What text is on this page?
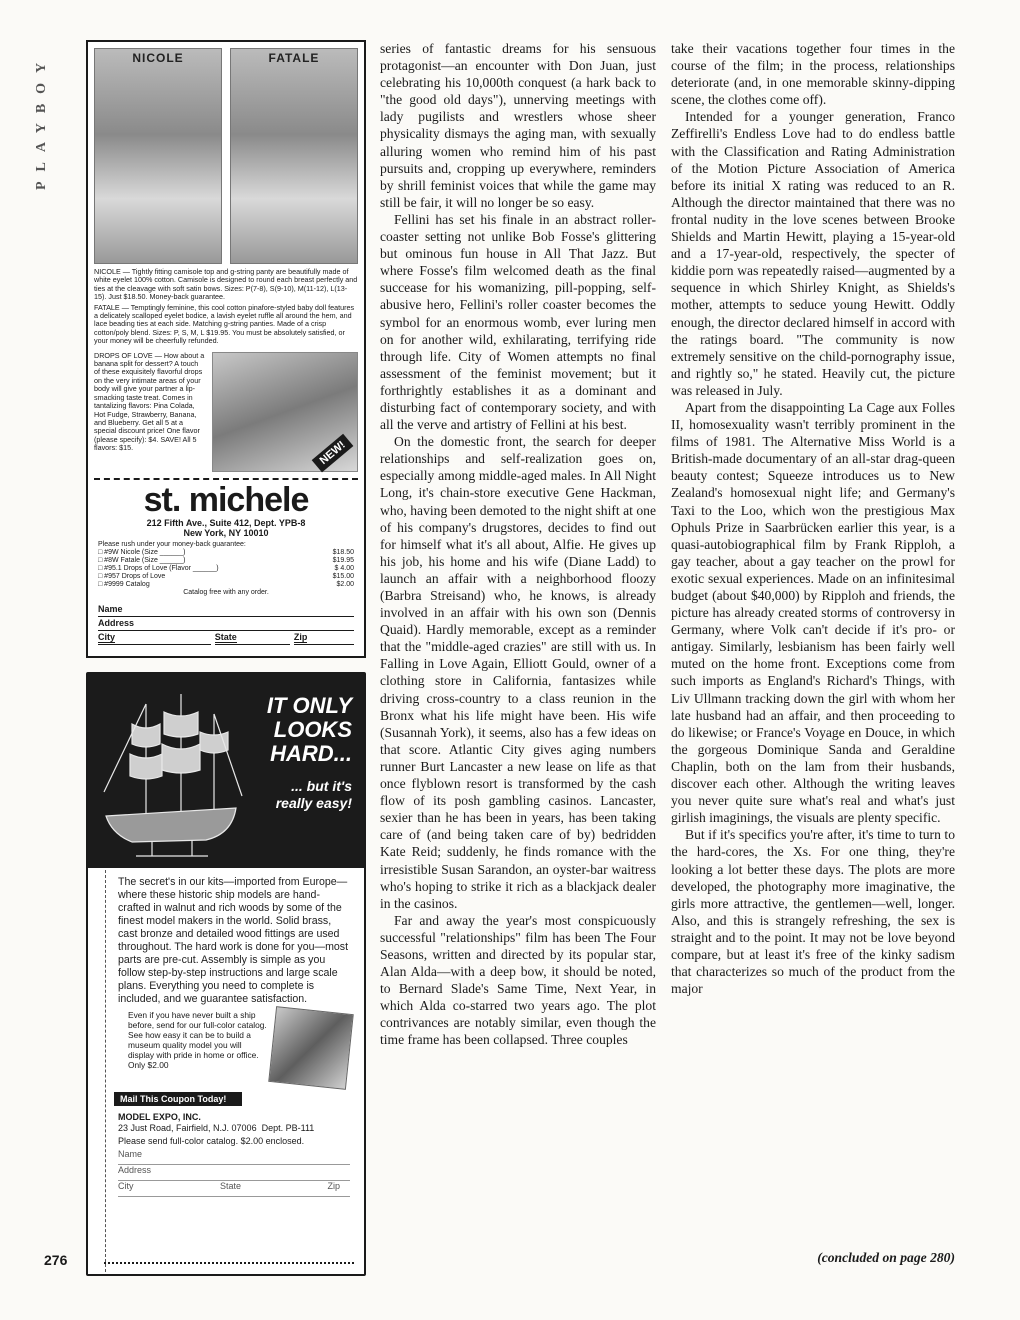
PLAYBOY	NICOLE	FATALE

NICOLE — Tightly fitting camisole top and g-string panty are beautifully made of white eyelet 100% cotton. Camisole is designed to round each breast perfectly and ties at the cleavage with soft satin bows. Sizes: P(7-8), S(9-10), M(11-12), L(13-15). Just $18.50. Money-back guarantee.

FATALE — Temptingly feminine, this cool cotton pinafore-styled baby doll features a delicately scalloped eyelet bodice, a lavish eyelet ruffle all around the hem, and lace beading ties at each side. Matching g-string panties. Made of a crisp cotton/poly blend. Sizes: P, S, M, L $19.95. You must be absolutely satisfied, or your money will be cheerfully refunded.

DROPS OF LOVE — How about a banana split for dessert? A touch of these exquisitely flavorful drops on the very intimate areas of your body will give your partner a lip-smacking taste treat. Comes in tantalizing flavors: Pina Colada, Hot Fudge, Strawberry, Banana, and Blueberry. Get all 5 at a special discount price! One flavor (please specify): $4. SAVE! All 5 flavors: $15.	NEW!
st. michele
212 Fifth Ave., Suite 412, Dept. YPB-8
New York, NY 10010
Please rush under your money-back guarantee:
□ #9W Nicole (Size ______)	$18.50
□ #8W Fatale (Size ______)	$19.95
□ #95.1 Drops of Love (Flavor ______)	$ 4.00
□ #957 Drops of Love	$15.00
□ #9999 Catalog	$2.00
Catalog free with any order.
Name
Address
City	State	Zip
IT ONLY LOOKS HARD...
... but it's really easy!
The secret's in our kits—imported from Europe—where these historic ship models are hand-crafted in walnut and rich woods by some of the finest model makers in the world. Solid brass, cast bronze and detailed wood fittings are used throughout. The hard work is done for you—most parts are pre-cut. Assembly is simple as you follow step-by-step instructions and large scale plans. Everything you need to complete is included, and we guarantee satisfaction.
Even if you have never built a ship before, send for our full-color catalog. See how easy it can be to build a museum quality model you will display with pride in home or office. Only $2.00
Mail This Coupon Today!
MODEL EXPO, INC.
23 Just Road, Fairfield, N.J. 07006 Dept. PB-111
Please send full-color catalog. $2.00 enclosed.
Name
Address
City	State	Zip
276

series of fantastic dreams for his sensuous protagonist—an encounter with Don Juan, just celebrating his 10,000th conquest (a hark back to "the good old days"), unnerving meetings with lady pugilists and wrestlers whose sheer physicality dismays the aging man, with sexually alluring women who remind him of his past pursuits and, cropping up everywhere, reminders by shrill feminist voices that while the game may still be fair, it will no longer be so easy.

Fellini has set his finale in an abstract roller-coaster setting not unlike Bob Fosse's glittering but ominous fun house in All That Jazz. But where Fosse's film welcomed death as the final succease for his womanizing, pill-popping, self-abusive hero, Fellini's roller coaster becomes the symbol for an enormous womb, ever luring men on for another wild, exhilarating, terrifying ride through life. City of Women attempts no final assessment of the feminist movement; but it forthrightly establishes it as a dominant and disturbing fact of contemporary society, and with all the verve and artistry of Fellini at his best.

On the domestic front, the search for deeper relationships and self-realization goes on, especially among middle-aged males. In All Night Long, it's chain-store executive Gene Hackman, who, having been demoted to the night shift at one of his company's drugstores, decides to find out for himself what it's all about, Alfie. He gives up his job, his home and his wife (Diane Ladd) to launch an affair with a neighborhood floozy (Barbra Streisand) who, he knows, is already involved in an affair with his own son (Dennis Quaid). Hardly memorable, except as a reminder that the "middle-aged crazies" are still with us. In Falling in Love Again, Elliott Gould, owner of a clothing store in California, fantasizes while driving cross-country to a class reunion in the Bronx what his life might have been. His wife (Susannah York), it seems, also has a few ideas on that score. Atlantic City gives aging numbers runner Burt Lancaster a new lease on life as that once flyblown resort is transformed by the cash flow of its posh gambling casinos. Lancaster, sexier than he has been in years, has been taking care of (and being taken care of by) bedridden Kate Reid; suddenly, he finds romance with the irresistible Susan Sarandon, an oyster-bar waitress who's hoping to strike it rich as a blackjack dealer in the casinos.

Far and away the year's most conspicuously successful "relationships" film has been The Four Seasons, written and directed by its popular star, Alan Alda—with a deep bow, it should be noted, to Bernard Slade's Same Time, Next Year, in which Alda co-starred two years ago. The plot contrivances are notably similar, even though the time frame has been collapsed. Three couples

take their vacations together four times in the course of the film; in the process, relationships deteriorate (and, in one memorable skinny-dipping scene, the clothes come off).

Intended for a younger generation, Franco Zeffirelli's Endless Love had to do endless battle with the Classification and Rating Administration of the Motion Picture Association of America before its initial X rating was reduced to an R. Although the director maintained that there was no frontal nudity in the love scenes between Brooke Shields and Martin Hewitt, playing a 15-year-old and a 17-year-old, respectively, the specter of kiddie porn was repeatedly raised—augmented by a sequence in which Shirley Knight, as Shields's mother, attempts to seduce young Hewitt. Oddly enough, the director declared himself in accord with the ratings board. "The community is now extremely sensitive on the child-pornography issue, and rightly so," he stated. Heavily cut, the picture was released in July.

Apart from the disappointing La Cage aux Folles II, homosexuality wasn't terribly prominent in the films of 1981. The Alternative Miss World is a British-made documentary of an all-star drag-queen beauty contest; Squeeze introduces us to New Zealand's homosexual night life; and Germany's Taxi to the Loo, which won the prestigious Max Ophuls Prize in Saarbrücken earlier this year, is a quasi-autobiographical film by Frank Ripploh, a gay teacher, about a gay teacher on the prowl for exotic sexual experiences. Made on an infinitesimal budget (about $40,000) by Ripploh and friends, the picture has already created storms of controversy in Germany, where Volk can't decide if it's pro- or antigay. Similarly, lesbianism has been fairly well muted on the home front. Exceptions come from such imports as England's Richard's Things, with Liv Ullmann tracking down the girl with whom her late husband had an affair, and then proceeding to do likewise; or France's Voyage en Douce, in which the gorgeous Dominique Sanda and Geraldine Chaplin, both on the lam from their husbands, discover each other. Although the writing leaves you never quite sure what's real and what's just girlish imaginings, the visuals are plenty specific.

But if it's specifics you're after, it's time to turn to the hard-cores, the Xs. For one thing, they're looking a lot better these days. The plots are more developed, the photography more imaginative, the girls more attractive, the gentlemen—well, longer. Also, and this is strangely refreshing, the sex is straight and to the point. It may not be love beyond compare, but at least it's free of the kinky sadism that characterizes so much of the product from the major

(concluded on page 280)
